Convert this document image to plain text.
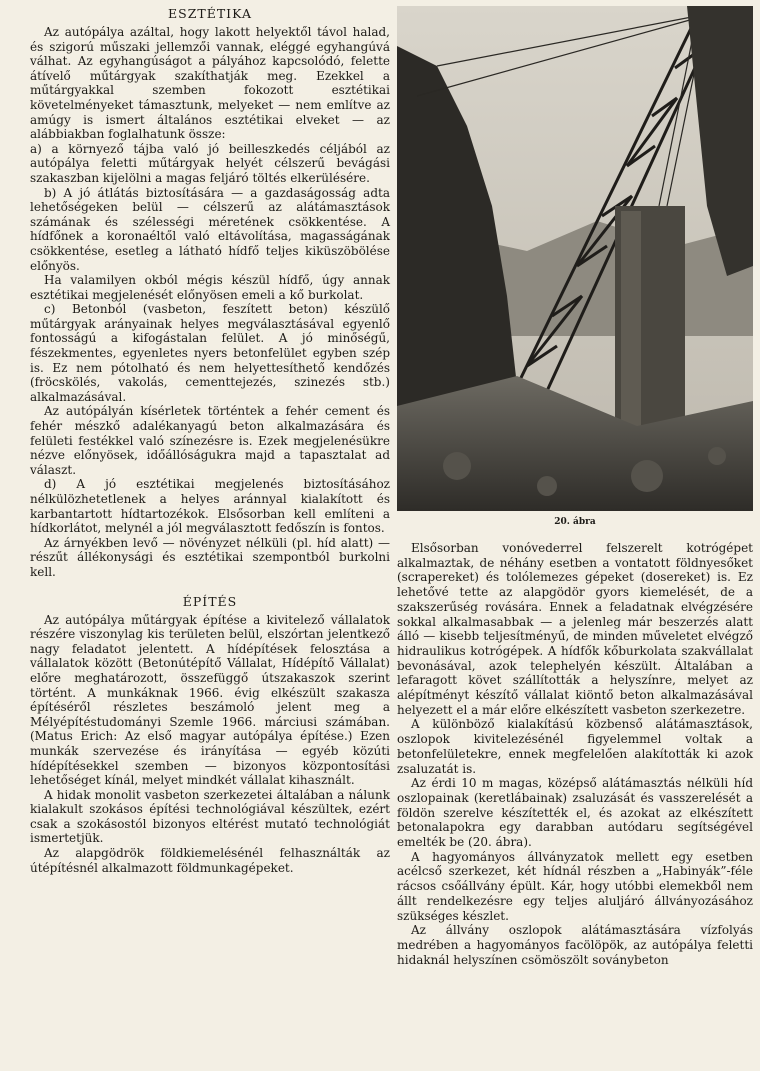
ESZTÉTIKA

Az autópálya azáltal, hogy lakott helyektől távol halad, és szigorú műszaki jellemzői vannak, eléggé egyhangúvá válhat. Az egyhangúságot a pályához kapcsolódó, felette átívelő műtárgyak szakíthatják meg. Ezekkel a műtárgyakkal szemben fokozott esztétikai követelményeket támasztunk, melyeket — nem említve az amúgy is ismert általános esztétikai elveket — az alábbiakban foglalhatunk össze:

a) a környező tájba való jó beilleszkedés céljából az autópálya feletti műtárgyak helyét célszerű bevágási szakaszban kijelölni a magas feljáró töltés elkerülésére.

b) A jó átlátás biztosítására — a gazdaságosság adta lehetőségeken belül — célszerű az alátámasztások számának és szélességi méretének csökkentése. A hídfőnek a koronaéltől való eltávolítása, magasságának csökkentése, esetleg a látható hídfő teljes kiküszöbölése előnyös.

Ha valamilyen okból mégis készül hídfő, úgy annak esztétikai megjelenését előnyösen emeli a kő burkolat.

c) Betonból (vasbeton, feszített beton) készülő műtárgyak arányainak helyes megválasztásával egyenlő fontosságú a kifogástalan felület. A jó minőségű, fészekmentes, egyenletes nyers betonfelület egyben szép is. Ez nem pótolható és nem helyettesíthető kendőzés (fröcskölés, vakolás, cementtejezés, szinezés stb.) alkalmazásával.

Az autópályán kísérletek történtek a fehér cement és fehér mészkő adalékanyagú beton alkalmazására és felületi festékkel való színezésre is. Ezek megjelenésükre nézve előnyösek, időállóságukra majd a tapasztalat ad választ.

d) A jó esztétikai megjelenés biztosításához nélkülözhetetlenek a helyes aránnyal kialakított és karbantartott hídtartozékok. Elsősorban kell említeni a hídkorlátot, melynél a jól megválasztott fedőszín is fontos.

Az árnyékben levő — növényzet nélküli (pl. híd alatt) — részűt állékonysági és esztétikai szempontból burkolni kell.

ÉPÍTÉS

Az autópálya műtárgyak építése a kivitelező vállalatok részére viszonylag kis területen belül, elszórtan jelentkező nagy feladatot jelentett. A hídépítések felosztása a vállalatok között (Betonútépítő Vállalat, Hídépítő Vállalat) előre meghatározott, összefüggő útszakaszok szerint történt. A munkáknak 1966. évig elkészült szakasza építéséről részletes beszámoló jelent meg a Mélyépítéstudományi Szemle 1966. márciusi számában. (Matus Erich: Az első magyar autópálya építése.) Ezen munkák szervezése és irányítása — egyéb közúti hídépítésekkel szemben — bizonyos központosítási lehetőséget kínál, melyet mindkét vállalat kihasznált.

A hidak monolit vasbeton szerkezetei általában a nálunk kialakult szokásos építési technológiával készültek, ezért csak a szokásostól bizonyos eltérést mutató technológiát ismertetjük.

Az alapgödrök földkiemelésénél felhasználták az útépítésnél alkalmazott földmunkagépeket.

20. ábra

Elsősorban vonóvederrel felszerelt kotrógépet alkalmaztak, de néhány esetben a vontatott földnyesőket (scrapereket) és tolólemezes gépeket (dosereket) is. Ez lehetővé tette az alapgödör gyors kiemelését, de a szakszerűség rovására. Ennek a feladatnak elvégzésére sokkal alkalmasabbak — a jelenleg már beszerzés alatt álló — kisebb teljesítményű, de minden műveletet elvégző hidraulikus kotrógépek. A hídfők kőburkolata szakvállalat bevonásával, azok telephelyén készült. Általában a lefaragott követ szállították a helyszínre, melyet az alépítményt készítő vállalat kiöntő beton alkalmazásával helyezett el a már előre elkészített vasbeton szerkezetre.

A különböző kialakítású közbenső alátámasztások, oszlopok kivitelezésénél figyelemmel voltak a betonfelületekre, ennek megfelelően alakították ki azok zsaluzatát is.

Az érdi 10 m magas, középső alátámasztás nélküli híd oszlopainak (keretlábainak) zsaluzását és vasszerelését a földön szerelve készítették el, és azokat az elkészített betonalapokra egy darabban autódaru segítségével emelték be (20. ábra).

A hagyományos állványzatok mellett egy esetben acélcső szerkezet, két hídnál részben a „Habinyák”-féle rácsos csőállvány épült. Kár, hogy utóbbi elemekből nem állt rendelkezésre egy teljes aluljáró állványozásához szükséges készlet.

Az állvány oszlopok alátámasztására vízfolyás medrében a hagyományos facölöpök, az autópálya feletti hidaknál helyszínen csömöszölt soványbeton
